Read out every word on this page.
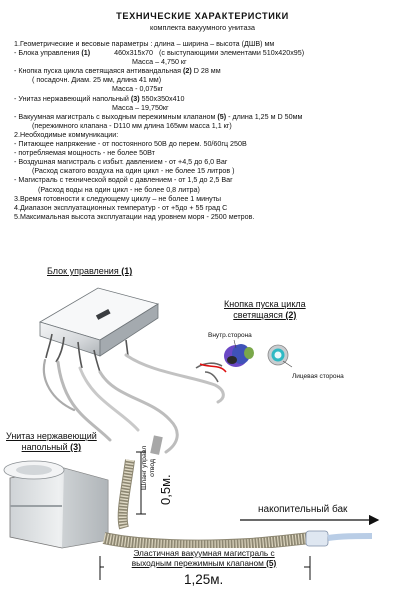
ТЕХНИЧЕСКИЕ ХАРАКТЕРИСТИКИ
комплекта вакуумного унитаза
1.Геометрические и весовые параметры : длина – ширина – высота (ДШВ) мм
- Блока управления (1)	460х315х70 (с выступающими элементами 510х420х95)
Масса – 4,750 кг
- Кнопка пуска цикла светящаяся антивандальная (2) D 28 мм
( посадочн. Диам. 25 мм, длина 41 мм)
Масса - 0,075кг
- Унитаз нержавеющий напольный (3) 550х350х410
Масса – 19,750кг
- Вакуумная магистраль с выходным пережимным клапаном (5) - длина 1,25 м D 50мм
(пережимного клапана - D110 мм длина 165мм масса 1,1 кг)
2.Необходимые коммуникации:
- Питающее напряжение - от постоянного 50В до перем. 50/60гц 250В
- потребляемая мощность - не более 50Вт
- Воздушная магистраль с избыт. давлением - от +4,5 до 6,0 Bar
(Расход сжатого воздуха на один цикл - не более 15 литров )
- Магистраль с технической водой с давлением - от 1,5 до 2,5 Bar
(Расход воды на один цикл - не более 0,8 литра)
3.Время готовности к следующему циклу – не более 1 минуты
4.Диапазон эксплуатационных температур - от +5до + 55 град С
5.Максимальная высота эксплуатации над уровнем моря - 2500 метров.
Блок управления (1)
Кнопка пуска цикла
светящаяся (2)
Внутр.сторона
Лицевая сторона
Унитаз нержавеющий
напольный (3)	Шланг управл отвод
0,5м.
накопительный бак
Эластичная вакуумная магистраль с
выходным пережимным клапаном (5)
1,25м.
